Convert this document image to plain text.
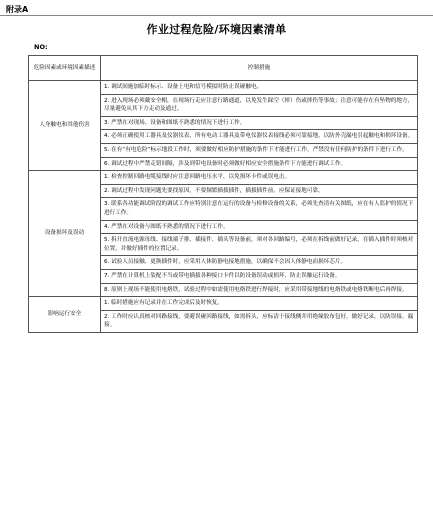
附录A
作业过程危险/环境因素清单
NO:
危险因素或环境因素描述	控制措施
人身触电和其他伤害	1. 调试间施加临时标示、设备上电和信号模拟时防止误碰触电。
	2. 进入现场必须戴安全帽，在现场行走应注意行路通道，以免发生踩空（摔）伤或摔伤等事故；注意可能存在有坠物的地方，尽量避免从其下方走动及通过。
	3. 严禁在对现场、设备和图纸不熟悉的情况下进行工作。
	4. 必须正确使用工器具及仪器仪表，所有电动工器具及带电仪器仪表接线必须可靠接地，以防外壳漏电引起触电和损坏设备。
	5. 在有“有电危险”标示地段工作时，须要做好相应防护措施的条件下才能进行工作，严禁没有任何防护的条件下进行工作。
	6. 调试过程中严禁走错间隔，涉及到带电设备时必须做好相应安全措施条件下方能进行调试工作。
设备损坏及误动	1. 检查控制回路电缆接线时应注意回路电压水平，以免损坏卡件或误电击。
	2. 调试过程中发现问题先要找原因，不要频繁插拔插件，插拔插件前，应保证接地可靠。
	3. 联系各功能调试阶段的调试工作应特别注意在运行的设备与检修设备的关系，必须先查清有关图纸，应在有人监护的情况下进行工作。
	4. 严禁在对设备与图纸不熟悉的情况下进行工作。
	5. 拆开直流电源母线、接线端子排、插接件、插头等设备前，须对各回路编号，必须在拆线前做好记录，在插入插件时须核对位置，并做好插件的位置记录。
	6. 试验人员接触、更换插件时，应采用人体防静电接地措施，以确保不会因人体静电而损坏芯片。
	7. 严禁在计算机上装配不当或带电插拔各种接口卡件以防设备误动或损坏，防止误触运行设备。
	8. 原则上现场不能使用电烙铁，试验过程中如需使用电烙铁进行焊接时，应采用带接地线的电烙铁或电烙铁断电后再焊接。
影响运行安全	1. 临时措施应有记录并在工作完成后及时恢复。
	2. 工作时应认真核对回路接线，要避误碰回路接线，如需拆头，应标清于接线侧并用绝缘胶布包好，做好记录，以防误接、漏接。
